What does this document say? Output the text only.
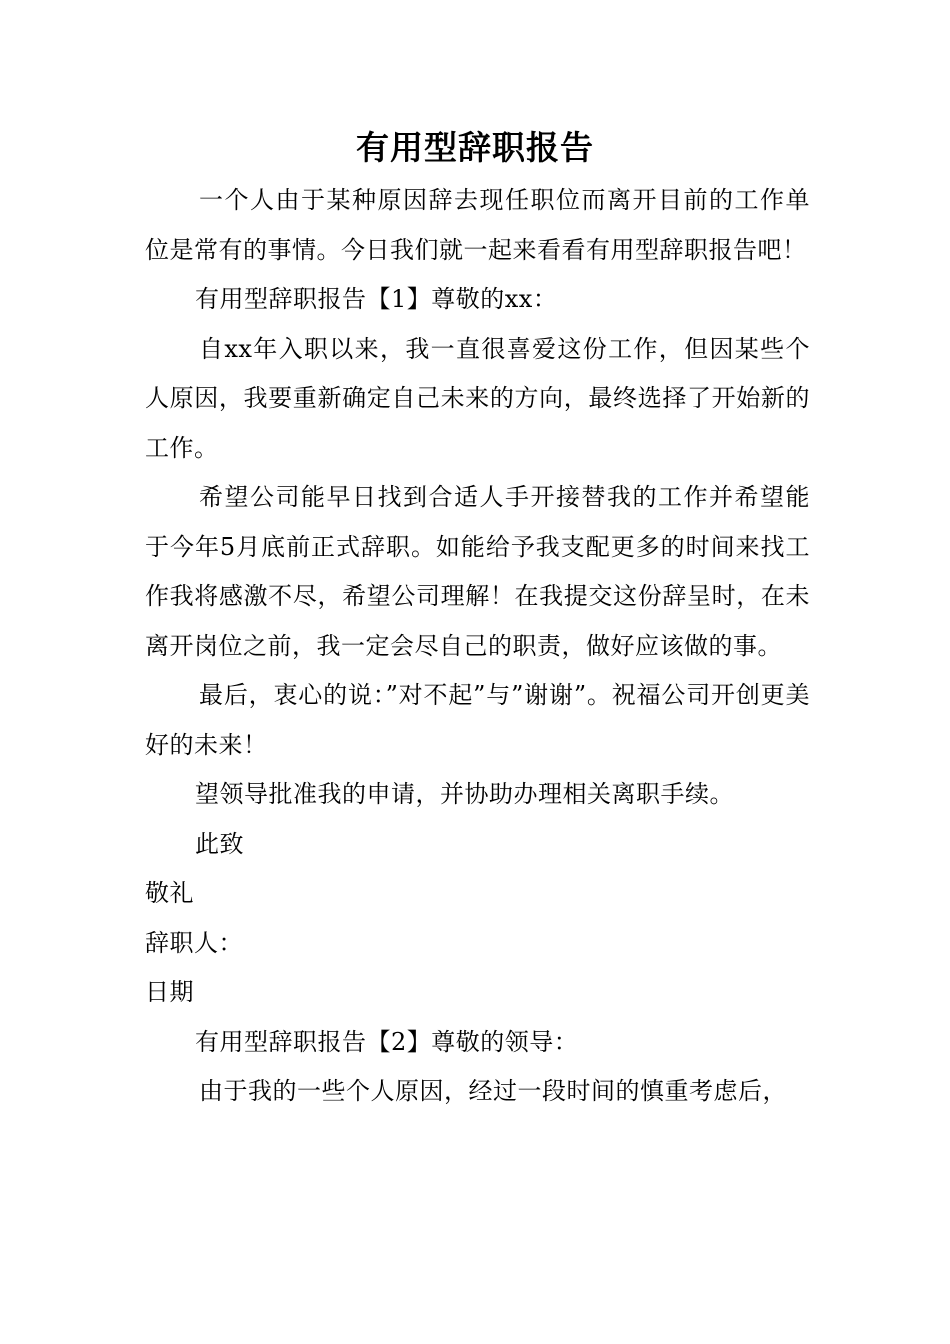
有用型辞职报告

一个人由于某种原因辞去现任职位而离开目前的工作单位是常有的事情。今日我们就一起来看看有用型辞职报告吧！

有用型辞职报告【1】尊敬的xx：

自xx年入职以来，我一直很喜爱这份工作，但因某些个人原因，我要重新确定自己未来的方向，最终选择了开始新的工作。

希望公司能早日找到合适人手开接替我的工作并希望能于今年5月底前正式辞职。如能给予我支配更多的时间来找工作我将感激不尽，希望公司理解！在我提交这份辞呈时，在未离开岗位之前，我一定会尽自己的职责，做好应该做的事。

最后，衷心的说：”对不起”与”谢谢”。祝福公司开创更美好的未来！

望领导批准我的申请，并协助办理相关离职手续。

此致

敬礼

辞职人：

日期

有用型辞职报告【2】尊敬的领导：

由于我的一些个人原因，经过一段时间的慎重考虑后，
